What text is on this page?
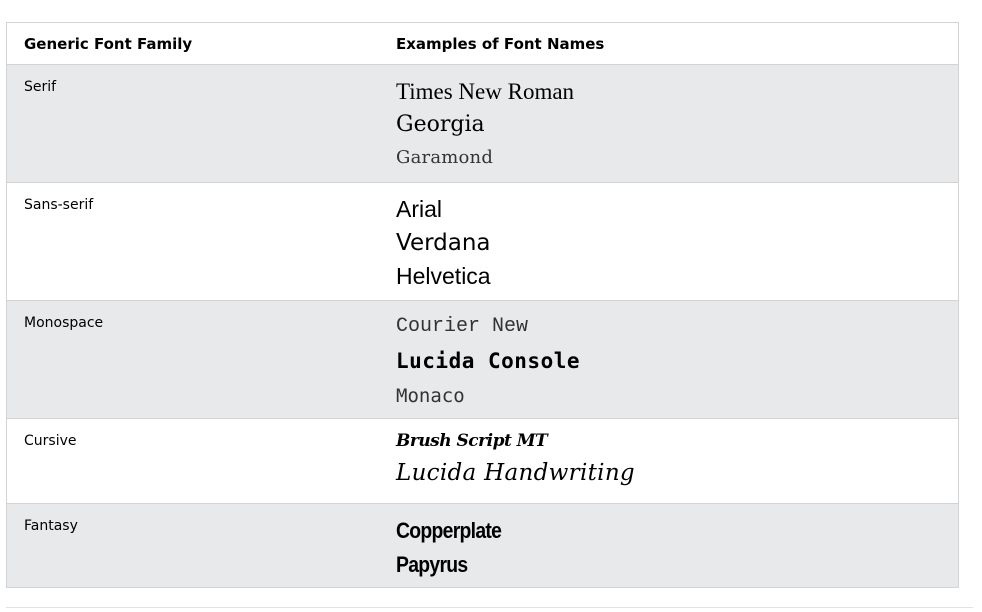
Generic Font Family	Examples of Font Names
Serif	Times New Roman
Georgia
Garamond
Sans-serif	Arial
Verdana
Helvetica
Monospace	Courier New
Lucida Console
Monaco
Cursive	Brush Script MT
Lucida Handwriting
Fantasy	Copperplate
Papyrus
